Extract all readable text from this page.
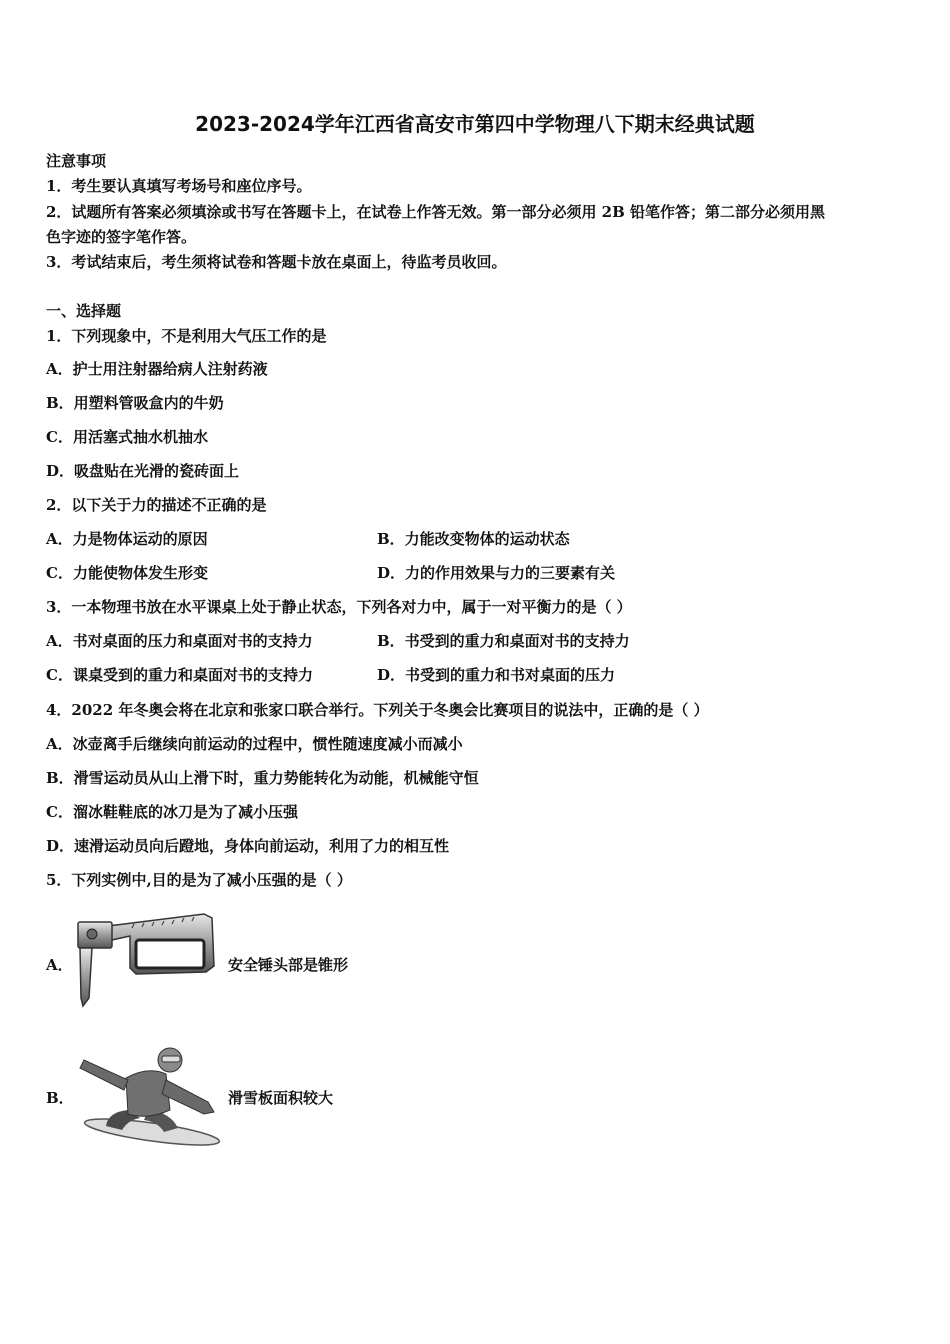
2023-2024学年江西省高安市第四中学物理八下期末经典试题
注意事项
1．考生要认真填写考场号和座位序号。
2．试题所有答案必须填涂或书写在答题卡上，在试卷上作答无效。第一部分必须用 2B 铅笔作答；第二部分必须用黑
色字迹的签字笔作答。
3．考试结束后，考生须将试卷和答题卡放在桌面上，待监考员收回。
一、选择题
1．下列现象中，不是利用大气压工作的是
A．护士用注射器给病人注射药液
B．用塑料管吸盒内的牛奶
C．用活塞式抽水机抽水
D．吸盘贴在光滑的瓷砖面上
2．以下关于力的描述不正确的是
A．力是物体运动的原因	B．力能改变物体的运动状态
C．力能使物体发生形变	D．力的作用效果与力的三要素有关
3．一本物理书放在水平课桌上处于静止状态，下列各对力中，属于一对平衡力的是（ ）
A．书对桌面的压力和桌面对书的支持力	B．书受到的重力和桌面对书的支持力
C．课桌受到的重力和桌面对书的支持力	D．书受到的重力和书对桌面的压力
4．2022 年冬奥会将在北京和张家口联合举行。下列关于冬奥会比赛项目的说法中，正确的是（ ）
A．冰壶离手后继续向前运动的过程中，惯性随速度减小而减小
B．滑雪运动员从山上滑下时，重力势能转化为动能，机械能守恒
C．溜冰鞋鞋底的冰刀是为了减小压强
D．速滑运动员向后蹬地，身体向前运动，利用了力的相互性
5．下列实例中,目的是为了减小压强的是（ ）
A．	安全锤头部是锥形
B．	滑雪板面积较大
